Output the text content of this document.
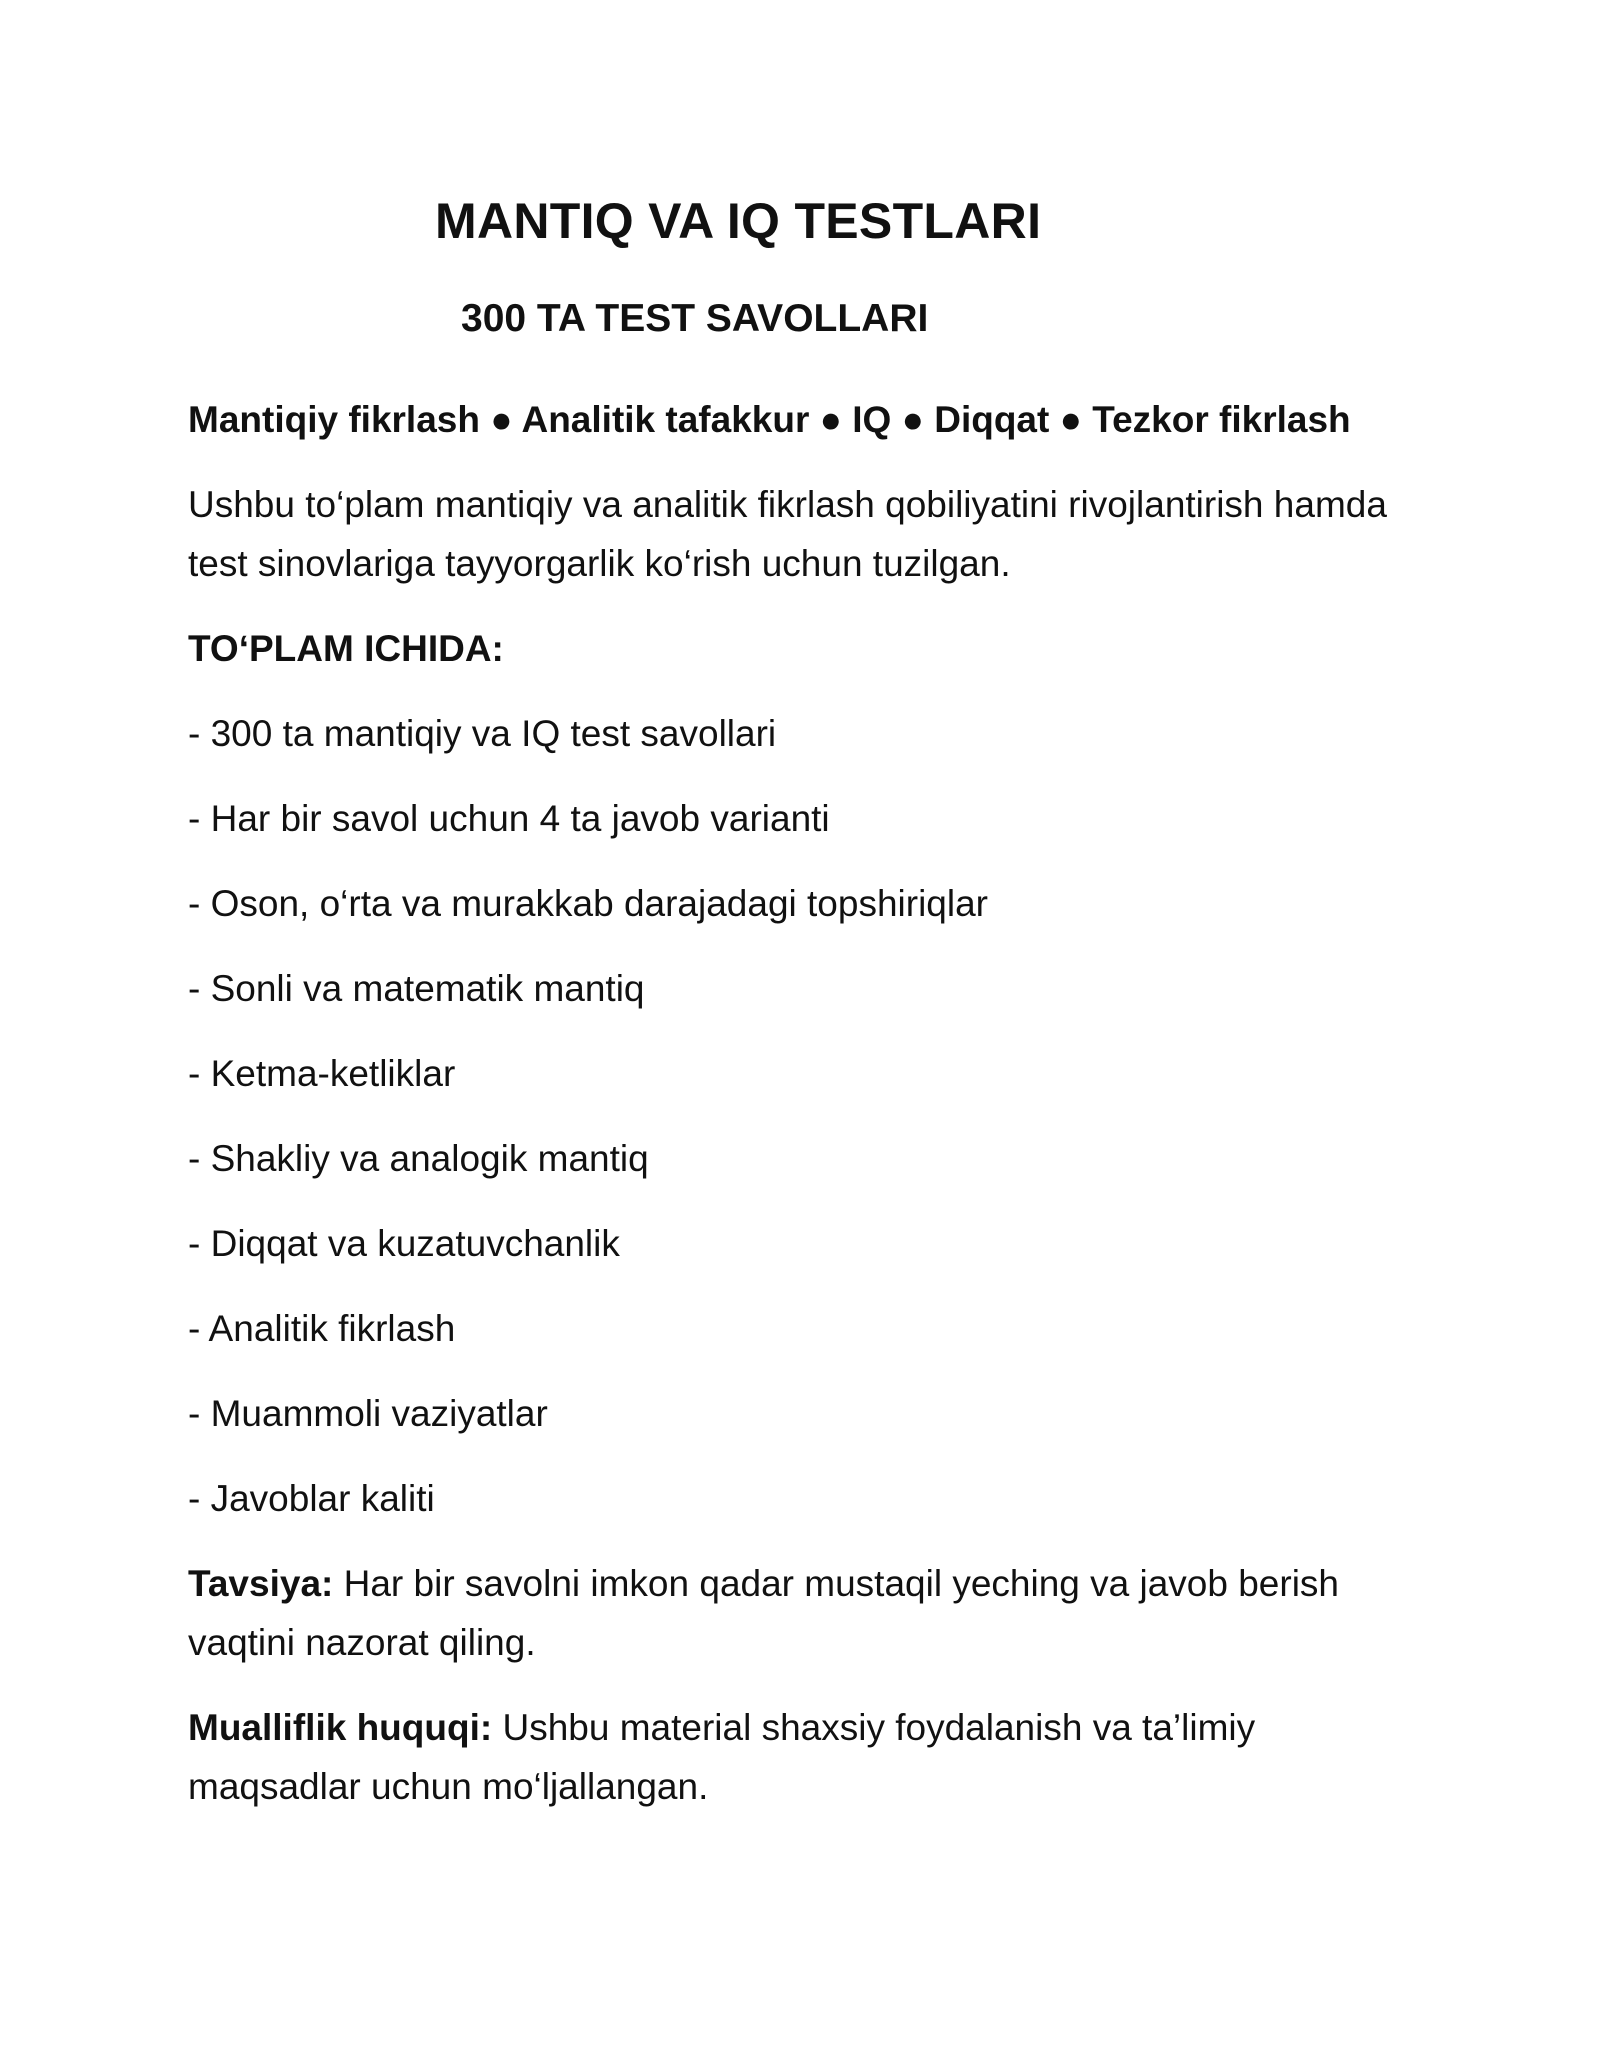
MANTIQ VA IQ TESTLARI
300 TA TEST SAVOLLARI

Mantiqiy fikrlash ● Analitik tafakkur ● IQ ● Diqqat ● Tezkor fikrlash

Ushbu to‘plam mantiqiy va analitik fikrlash qobiliyatini rivojlantirish hamda test sinovlariga tayyorgarlik ko‘rish uchun tuzilgan.

TO‘PLAM ICHIDA:

- 300 ta mantiqiy va IQ test savollari
- Har bir savol uchun 4 ta javob varianti
- Oson, o‘rta va murakkab darajadagi topshiriqlar
- Sonli va matematik mantiq
- Ketma-ketliklar
- Shakliy va analogik mantiq
- Diqqat va kuzatuvchanlik
- Analitik fikrlash
- Muammoli vaziyatlar
- Javoblar kaliti

Tavsiya: Har bir savolni imkon qadar mustaqil yeching va javob berish vaqtini nazorat qiling.

Mualliflik huquqi: Ushbu material shaxsiy foydalanish va ta’limiy maqsadlar uchun mo‘ljallangan.
